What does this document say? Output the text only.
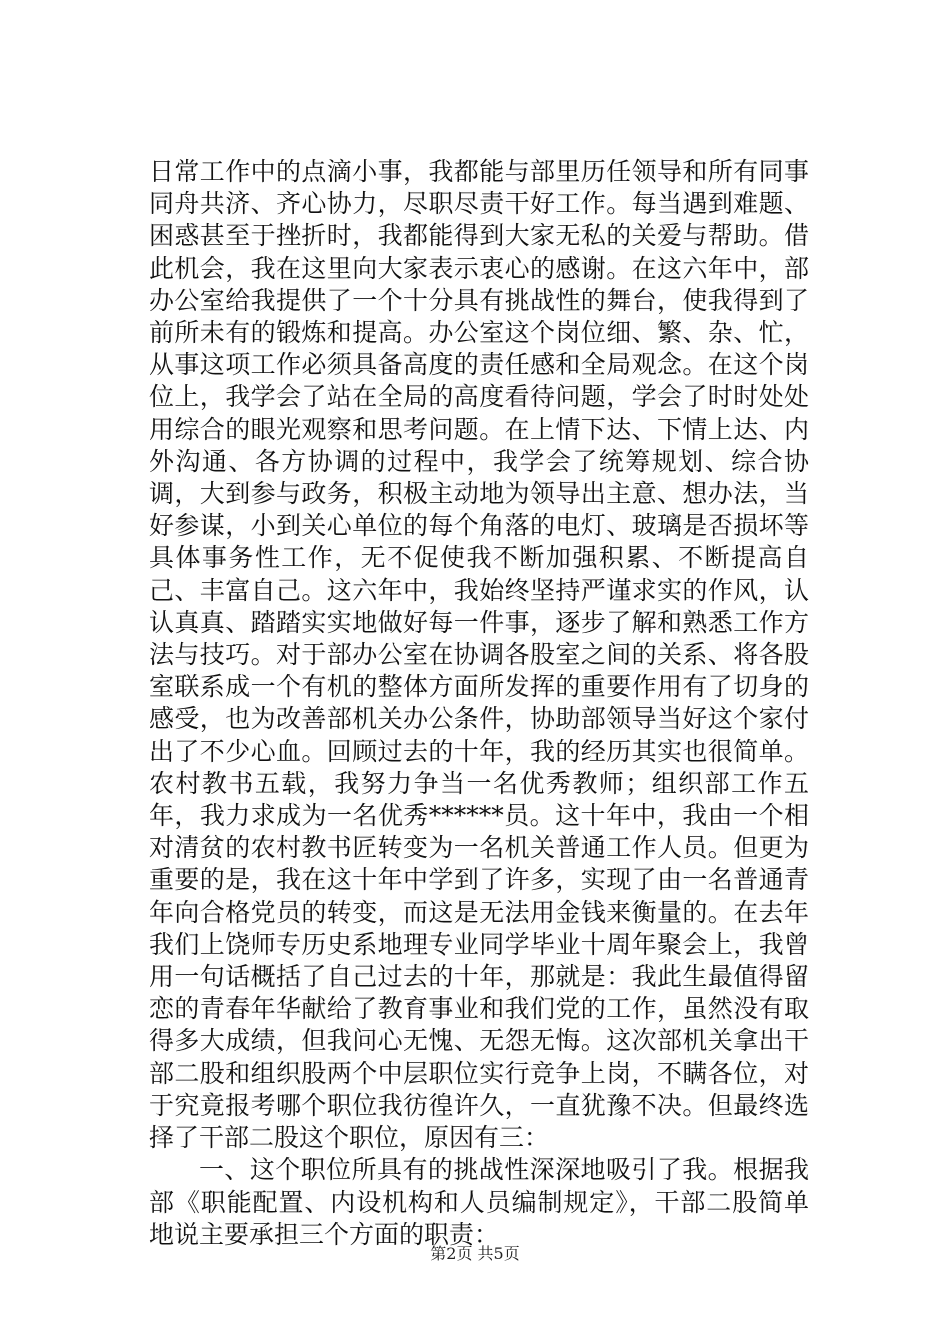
日常工作中的点滴小事，我都能与部里历任领导和所有同事同舟共济、齐心协力，尽职尽责干好工作。每当遇到难题、困惑甚至于挫折时，我都能得到大家无私的关爱与帮助。借此机会，我在这里向大家表示衷心的感谢。在这六年中，部办公室给我提供了一个十分具有挑战性的舞台，使我得到了前所未有的锻炼和提高。办公室这个岗位细、繁、杂、忙，从事这项工作必须具备高度的责任感和全局观念。在这个岗位上，我学会了站在全局的高度看待问题，学会了时时处处用综合的眼光观察和思考问题。在上情下达、下情上达、内外沟通、各方协调的过程中，我学会了统筹规划、综合协调，大到参与政务，积极主动地为领导出主意、想办法，当好参谋，小到关心单位的每个角落的电灯、玻璃是否损坏等具体事务性工作，无不促使我不断加强积累、不断提高自己、丰富自己。这六年中，我始终坚持严谨求实的作风，认认真真、踏踏实实地做好每一件事，逐步了解和熟悉工作方法与技巧。对于部办公室在协调各股室之间的关系、将各股室联系成一个有机的整体方面所发挥的重要作用有了切身的感受，也为改善部机关办公条件，协助部领导当好这个家付出了不少心血。回顾过去的十年，我的经历其实也很简单。农村教书五载，我努力争当一名优秀教师；组织部工作五年，我力求成为一名优秀******员。这十年中，我由一个相对清贫的农村教书匠转变为一名机关普通工作人员。但更为重要的是，我在这十年中学到了许多，实现了由一名普通青年向合格党员的转变，而这是无法用金钱来衡量的。在去年我们上饶师专历史系地理专业同学毕业十周年聚会上，我曾用一句话概括了自己过去的十年，那就是：我此生最值得留恋的青春年华献给了教育事业和我们党的工作，虽然没有取得多大成绩，但我问心无愧、无怨无悔。这次部机关拿出干部二股和组织股两个中层职位实行竞争上岗，不瞒各位，对于究竟报考哪个职位我彷徨许久，一直犹豫不决。但最终选择了干部二股这个职位，原因有三：

一、这个职位所具有的挑战性深深地吸引了我。根据我部《职能配置、内设机构和人员编制规定》，干部二股简单地说主要承担三个方面的职责：

第2页 共5页
